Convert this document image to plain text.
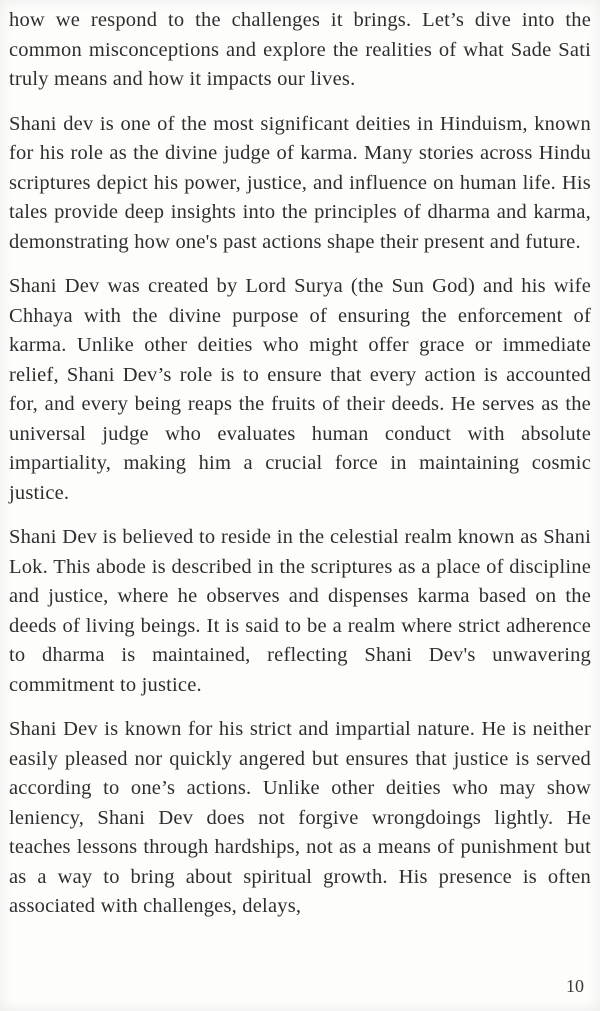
how we respond to the challenges it brings. Let’s dive into the common misconceptions and explore the realities of what Sade Sati truly means and how it impacts our lives.

Shani dev is one of the most significant deities in Hinduism, known for his role as the divine judge of karma. Many stories across Hindu scriptures depict his power, justice, and influence on human life. His tales provide deep insights into the principles of dharma and karma, demonstrating how one's past actions shape their present and future.

Shani Dev was created by Lord Surya (the Sun God) and his wife Chhaya with the divine purpose of ensuring the enforcement of karma. Unlike other deities who might offer grace or immediate relief, Shani Dev’s role is to ensure that every action is accounted for, and every being reaps the fruits of their deeds. He serves as the universal judge who evaluates human conduct with absolute impartiality, making him a crucial force in maintaining cosmic justice.

Shani Dev is believed to reside in the celestial realm known as Shani Lok. This abode is described in the scriptures as a place of discipline and justice, where he observes and dispenses karma based on the deeds of living beings. It is said to be a realm where strict adherence to dharma is maintained, reflecting Shani Dev's unwavering commitment to justice.

Shani Dev is known for his strict and impartial nature. He is neither easily pleased nor quickly angered but ensures that justice is served according to one’s actions. Unlike other deities who may show leniency, Shani Dev does not forgive wrongdoings lightly. He teaches lessons through hardships, not as a means of punishment but as a way to bring about spiritual growth. His presence is often associated with challenges, delays,

10
